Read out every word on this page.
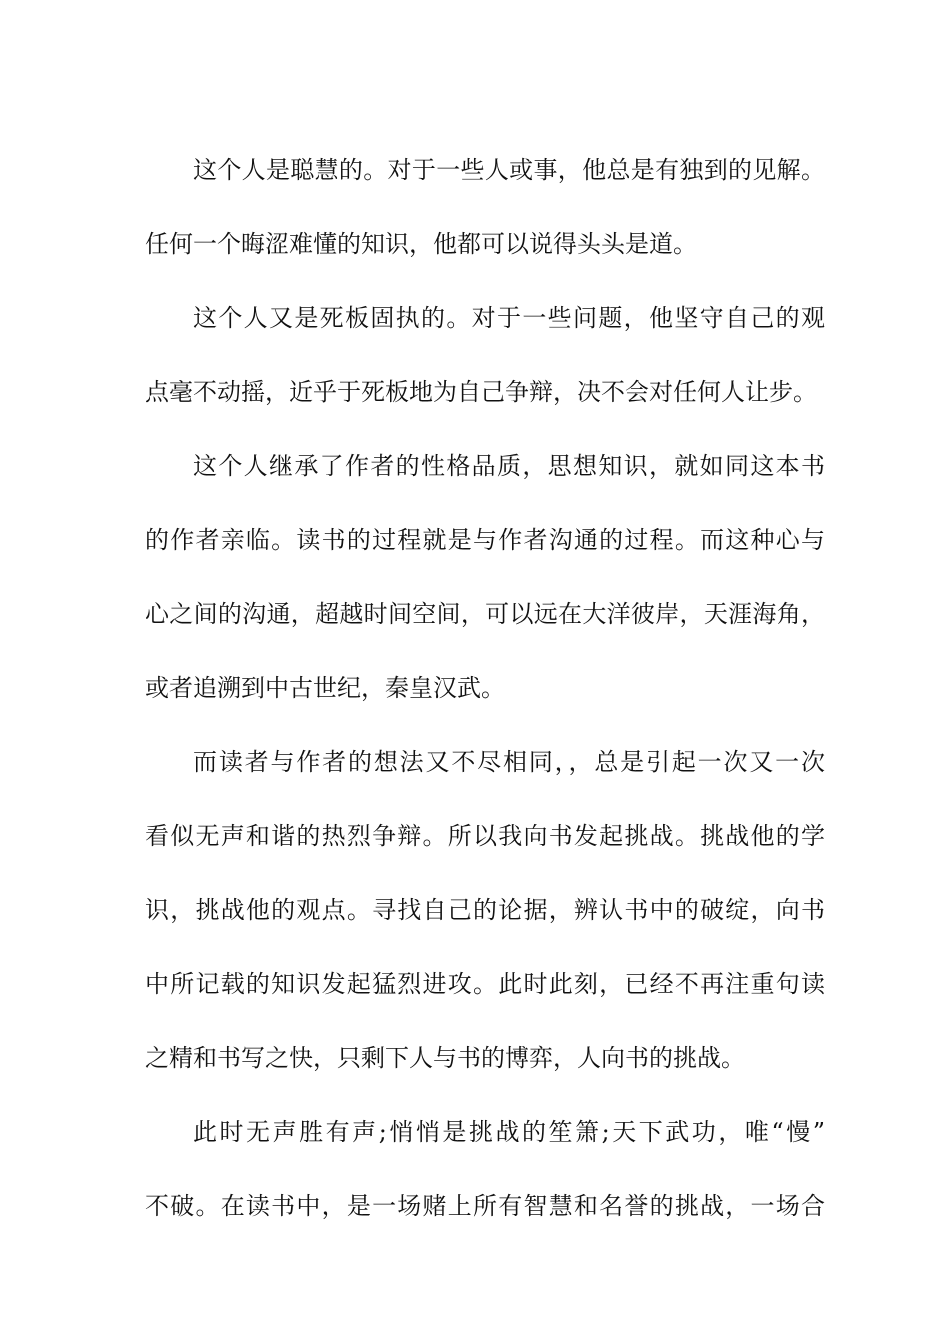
这个人是聪慧的。对于一些人或事，他总是有独到的见解。
任何一个晦涩难懂的知识，他都可以说得头头是道。
这个人又是死板固执的。对于一些问题，他坚守自己的观
点毫不动摇，近乎于死板地为自己争辩，决不会对任何人让步。
这个人继承了作者的性格品质，思想知识，就如同这本书
的作者亲临。读书的过程就是与作者沟通的过程。而这种心与
心之间的沟通，超越时间空间，可以远在大洋彼岸，天涯海角，
或者追溯到中古世纪，秦皇汉武。
而读者与作者的想法又不尽相同，，总是引起一次又一次
看似无声和谐的热烈争辩。所以我向书发起挑战。挑战他的学
识，挑战他的观点。寻找自己的论据，辨认书中的破绽，向书
中所记载的知识发起猛烈进攻。此时此刻，已经不再注重句读
之精和书写之快，只剩下人与书的博弈，人向书的挑战。
此时无声胜有声;悄悄是挑战的笙箫;天下武功，唯“慢”
不破。在读书中，是一场赌上所有智慧和名誉的挑战，一场合
